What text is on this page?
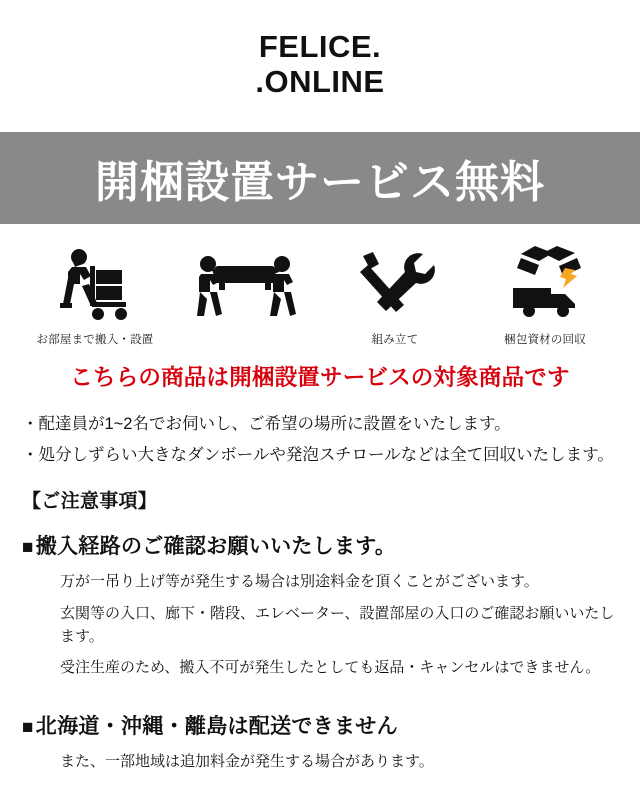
FELICE.
.ONLINE
開梱設置サービス無料
お部屋まで搬入・設置	組み立て	梱包資材の回収
こちらの商品は開梱設置サービスの対象商品です
・配達員が1~2名でお伺いし、ご希望の場所に設置をいたします。
・処分しずらい大きなダンボールや発泡スチロールなどは全て回収いたします。
【ご注意事項】
■搬入経路のご確認お願いいたします。

万が一吊り上げ等が発生する場合は別途料金を頂くことがございます。

玄関等の入口、廊下・階段、エレベーター、設置部屋の入口のご確認お願いいたします。

受注生産のため、搬入不可が発生したとしても返品・キャンセルはできません。

■北海道・沖縄・離島は配送できません

また、一部地域は追加料金が発生する場合があります。
